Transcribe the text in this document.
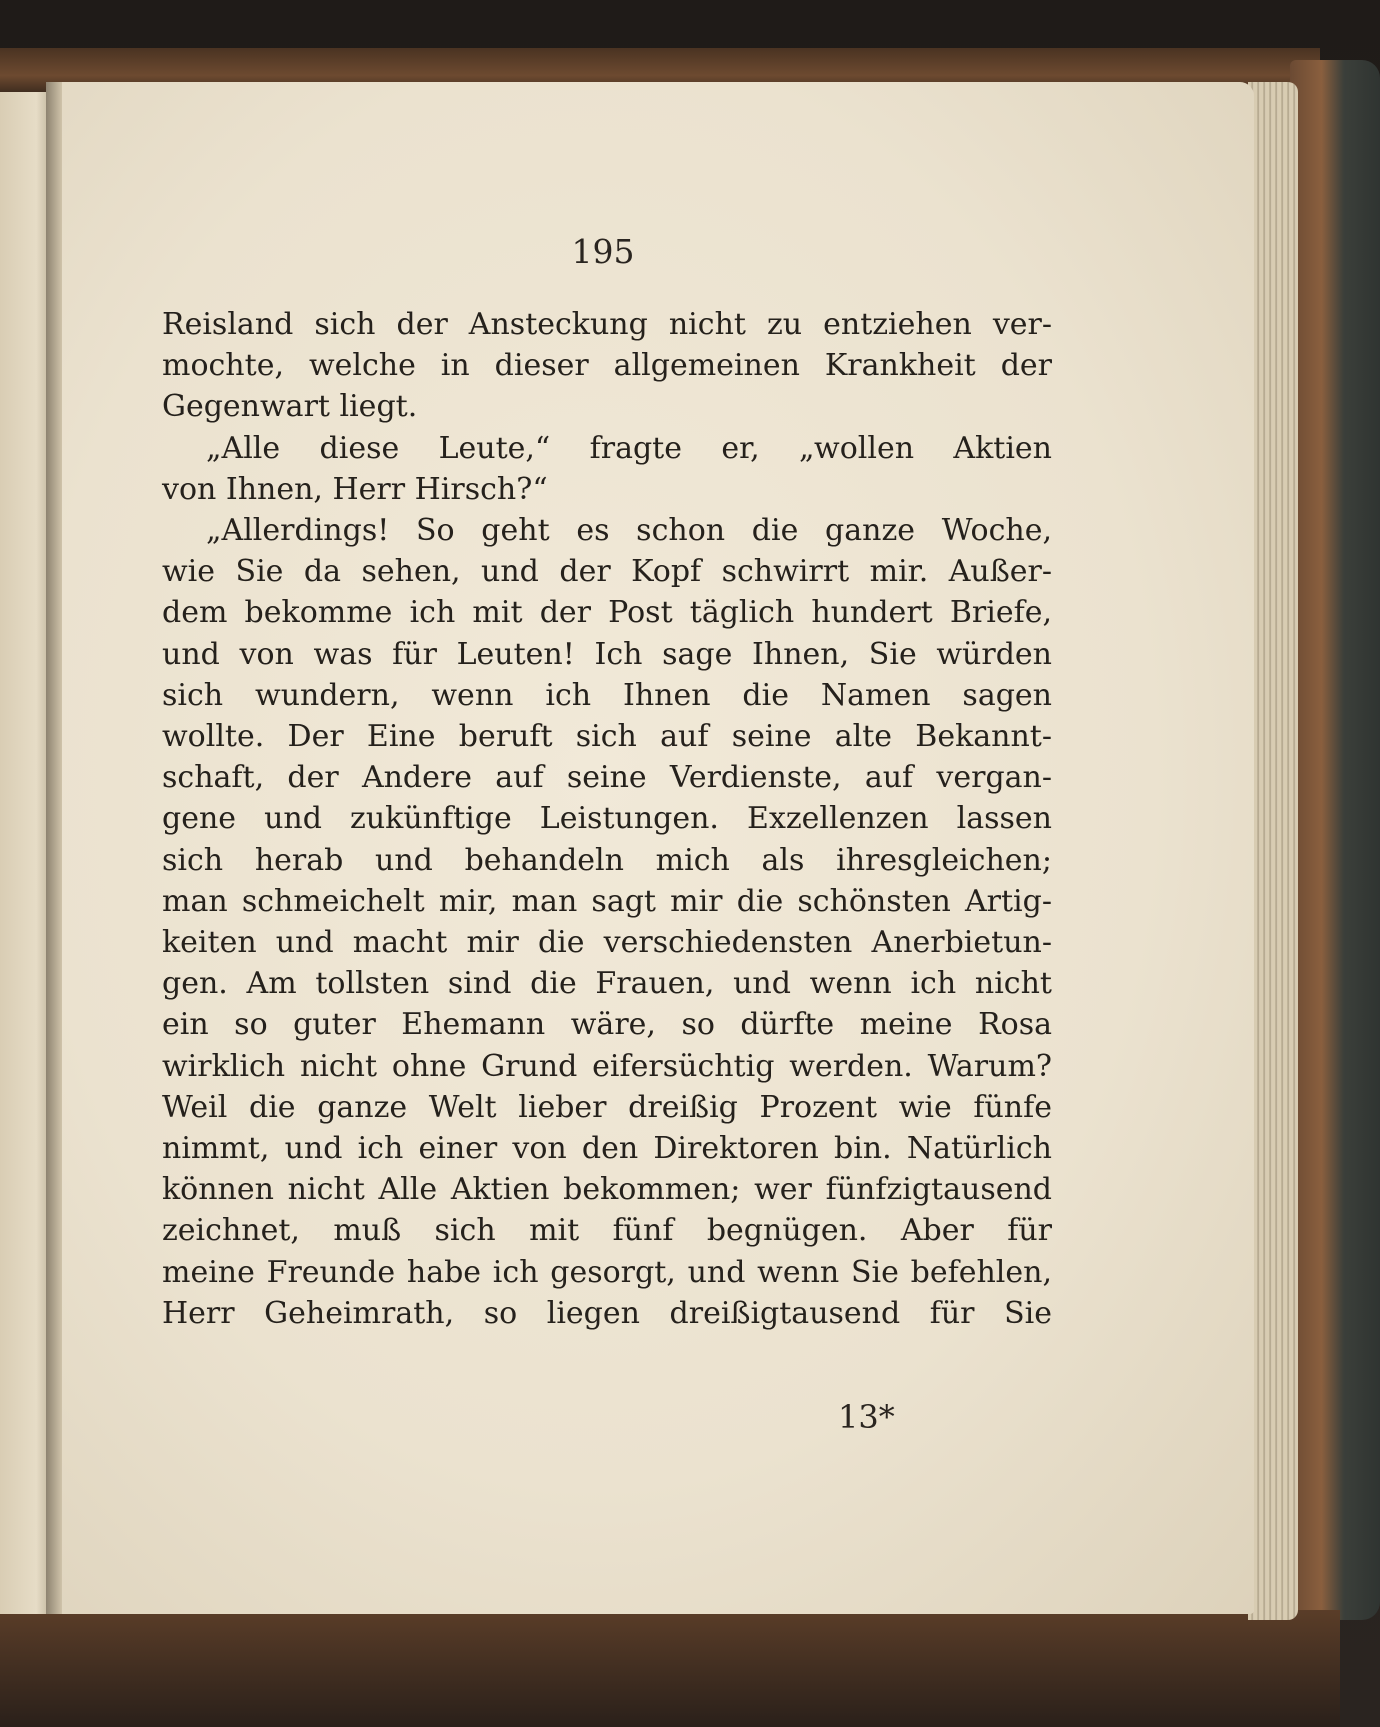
195
Reisland sich der Ansteckung nicht zu entziehen ver-
mochte, welche in dieser allgemeinen Krankheit der
Gegenwart liegt.
„Alle diese Leute,“ fragte er, „wollen Aktien
von Ihnen, Herr Hirsch?“
„Allerdings! So geht es schon die ganze Woche,
wie Sie da sehen, und der Kopf schwirrt mir. Außer-
dem bekomme ich mit der Post täglich hundert Briefe,
und von was für Leuten! Ich sage Ihnen, Sie würden
sich wundern, wenn ich Ihnen die Namen sagen
wollte. Der Eine beruft sich auf seine alte Bekannt-
schaft, der Andere auf seine Verdienste, auf vergan-
gene und zukünftige Leistungen. Exzellenzen lassen
sich herab und behandeln mich als ihresgleichen;
man schmeichelt mir, man sagt mir die schönsten Artig-
keiten und macht mir die verschiedensten Anerbietun-
gen. Am tollsten sind die Frauen, und wenn ich nicht
ein so guter Ehemann wäre, so dürfte meine Rosa
wirklich nicht ohne Grund eifersüchtig werden. Warum?
Weil die ganze Welt lieber dreißig Prozent wie fünfe
nimmt, und ich einer von den Direktoren bin. Natürlich
können nicht Alle Aktien bekommen; wer fünfzigtausend
zeichnet, muß sich mit fünf begnügen. Aber für
meine Freunde habe ich gesorgt, und wenn Sie befehlen,
Herr Geheimrath, so liegen dreißigtausend für Sie
13*
